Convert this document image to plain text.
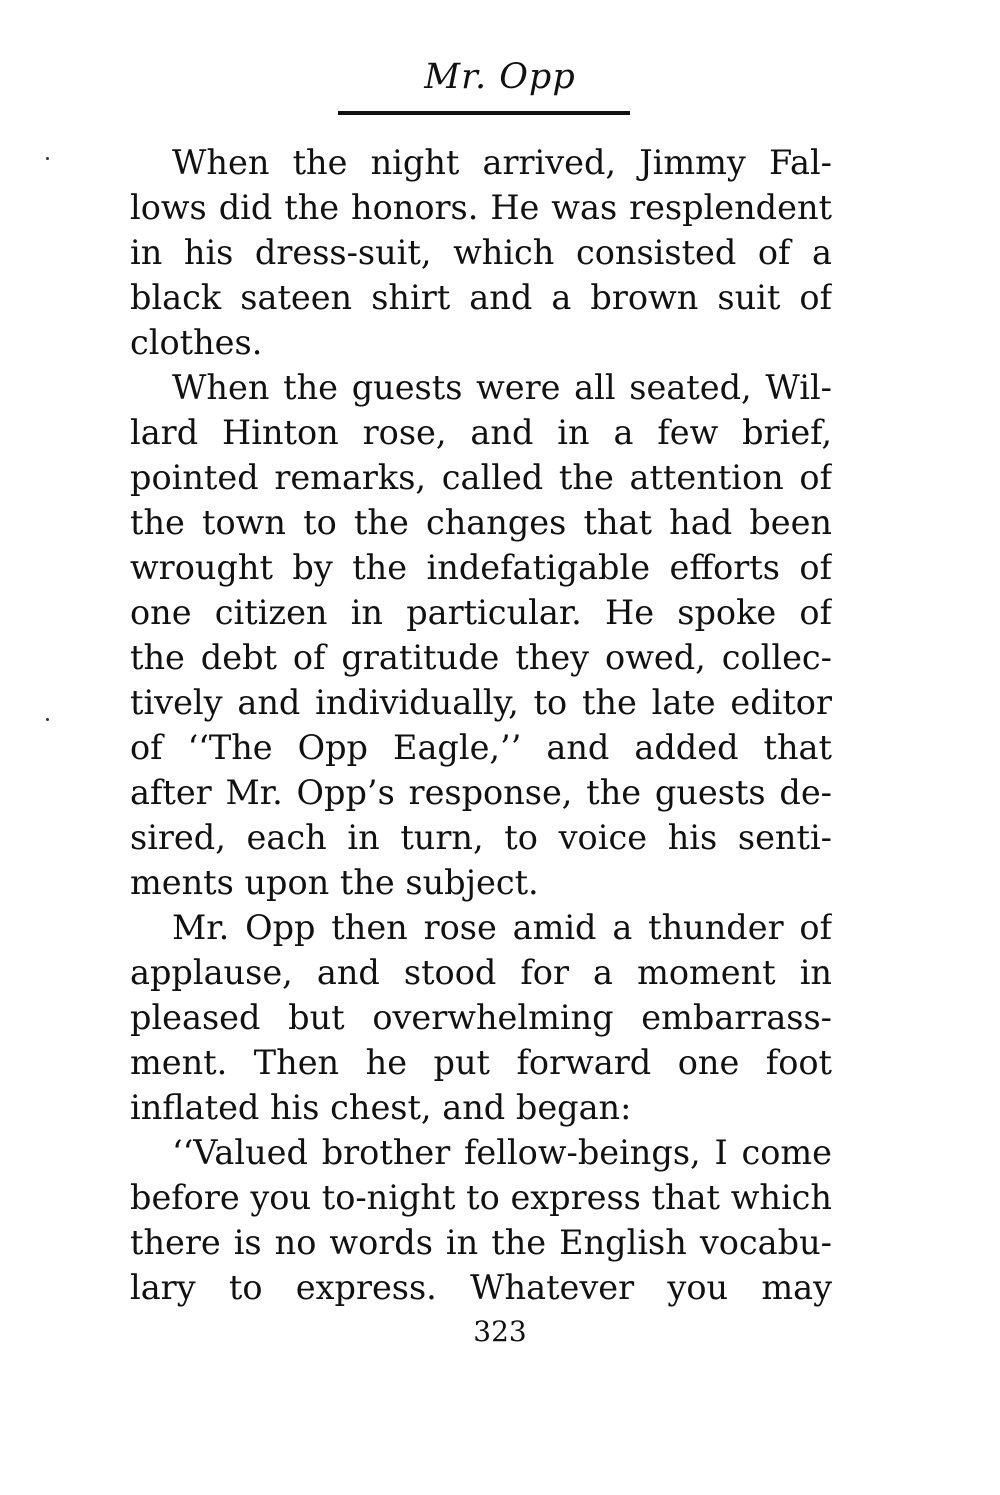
Mr. Opp
When the night arrived, Jimmy Fal-
lows did the honors. He was resplendent
in his dress-suit, which consisted of a
black sateen shirt and a brown suit of
clothes.
When the guests were all seated, Wil-
lard Hinton rose, and in a few brief,
pointed remarks, called the attention of
the town to the changes that had been
wrought by the indefatigable efforts of
one citizen in particular. He spoke of
the debt of gratitude they owed, collec-
tively and individually, to the late editor
of ‘‘The Opp Eagle,’’ and added that
after Mr. Opp’s response, the guests de-
sired, each in turn, to voice his senti-
ments upon the subject.
Mr. Opp then rose amid a thunder of
applause, and stood for a moment in
pleased but overwhelming embarrass-
ment. Then he put forward one foot
inflated his chest, and began:
‘‘Valued brother fellow-beings, I come
before you to-night to express that which
there is no words in the English vocabu-
lary to express. Whatever you may
323
